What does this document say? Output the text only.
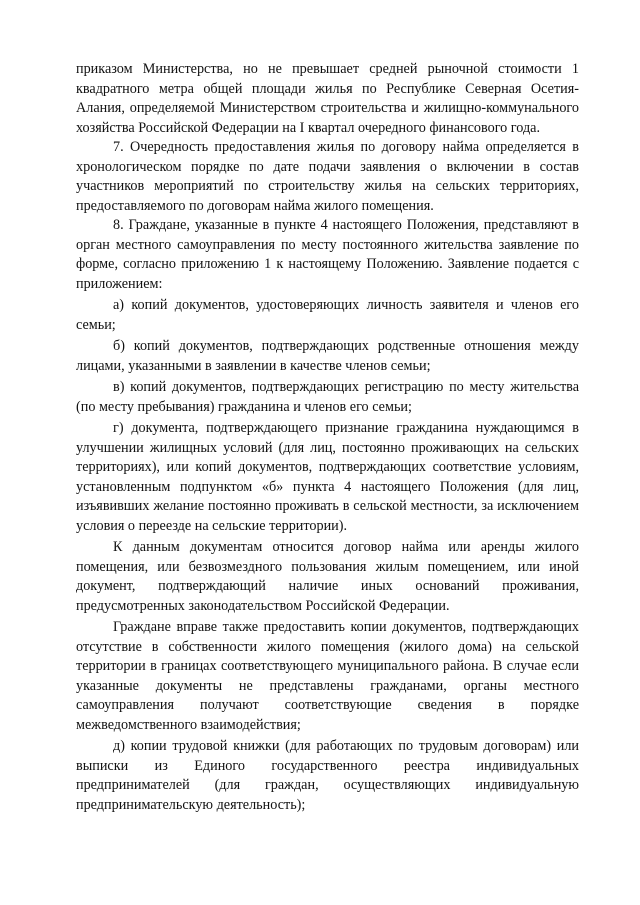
приказом Министерства, но не превышает средней рыночной стоимости 1 квадратного метра общей площади жилья по Республике Северная Осетия-Алания, определяемой Министерством строительства и жилищно-коммунального хозяйства Российской Федерации на I квартал очередного финансового года.

7. Очередность предоставления жилья по договору найма определяется в хронологическом порядке по дате подачи заявления о включении в состав участников мероприятий по строительству жилья на сельских территориях, предоставляемого по договорам найма жилого помещения.

8. Граждане, указанные в пункте 4 настоящего Положения, представляют в орган местного самоуправления по месту постоянного жительства заявление по форме, согласно приложению 1 к настоящему Положению. Заявление подается с приложением:

а) копий документов, удостоверяющих личность заявителя и членов его семьи;

б) копий документов, подтверждающих родственные отношения между лицами, указанными в заявлении в качестве членов семьи;

в) копий документов, подтверждающих регистрацию по месту жительства (по месту пребывания) гражданина и членов его семьи;

г) документа, подтверждающего признание гражданина нуждающимся в улучшении жилищных условий (для лиц, постоянно проживающих на сельских территориях), или копий документов, подтверждающих соответствие условиям, установленным подпунктом «б» пункта 4 настоящего Положения (для лиц, изъявивших желание постоянно проживать в сельской местности, за исключением условия о переезде на сельские территории).

К данным документам относится договор найма или аренды жилого помещения, или безвозмездного пользования жилым помещением, или иной документ, подтверждающий наличие иных оснований проживания, предусмотренных законодательством Российской Федерации.

Граждане вправе также предоставить копии документов, подтверждающих отсутствие в собственности жилого помещения (жилого дома) на сельской территории в границах соответствующего муниципального района. В случае если указанные документы не представлены гражданами, органы местного самоуправления получают соответствующие сведения в порядке межведомственного взаимодействия;

д) копии трудовой книжки (для работающих по трудовым договорам) или выписки из Единого государственного реестра индивидуальных предпринимателей (для граждан, осуществляющих индивидуальную предпринимательскую деятельность);
